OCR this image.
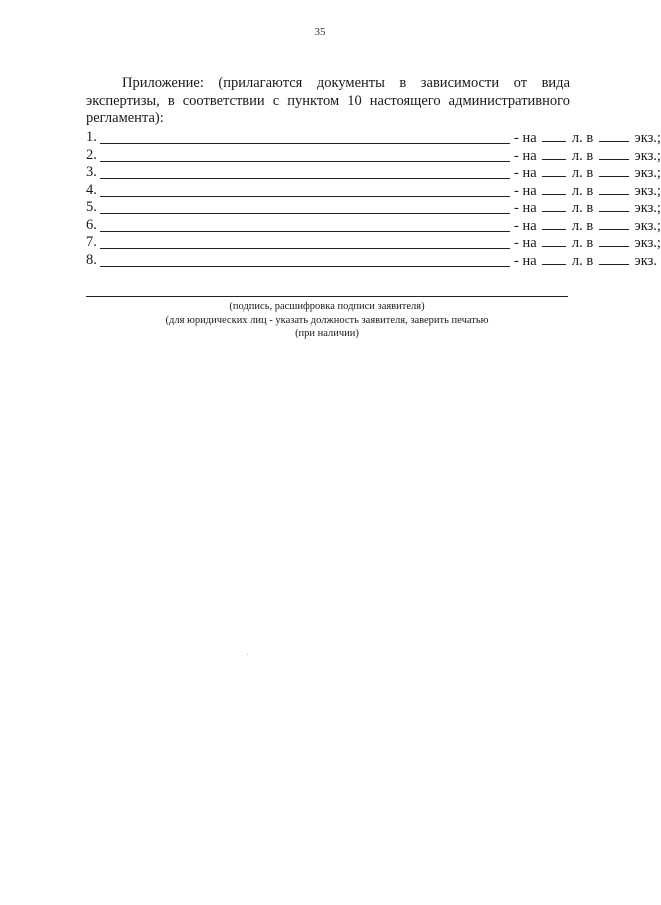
35
Приложение: (прилагаются документы в зависимости от вида
экспертизы, в соответствии с пунктом 10 настоящего административного
регламента):
1.	- на л. в	экз.;
2.	- на л. в	экз.;
3.	- на л. в	экз.;
4.	- на л. в	экз.;
5.	- на л. в	экз.;
6.	- на л. в	экз.;
7.	- на л. в	экз.;
8.	- на л. в	экз.
(подпись, расшифровка подписи заявителя)
(для юридических лиц - указать должность заявителя, заверить печатью
(при наличии)
